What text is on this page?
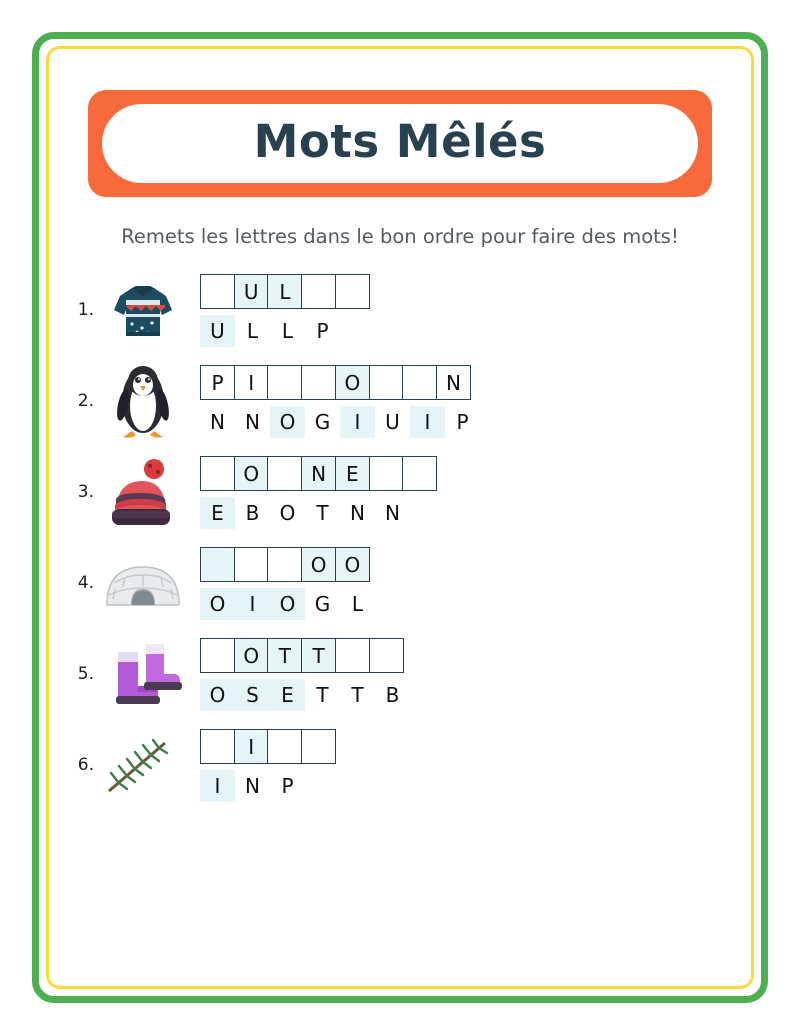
Mots Mêlés
Remets les lettres dans le bon ordre pour faire des mots!
1.
U	L
U	L	L	P
2.
P	I	O	N
N	N O G	I	U	I	P
3.
O	N E
E	B	O	T	N	N
4.
O O
O	I	O G	L
5.
O T	T
O	S	E	T	T	B
6.
I
I	N	P
